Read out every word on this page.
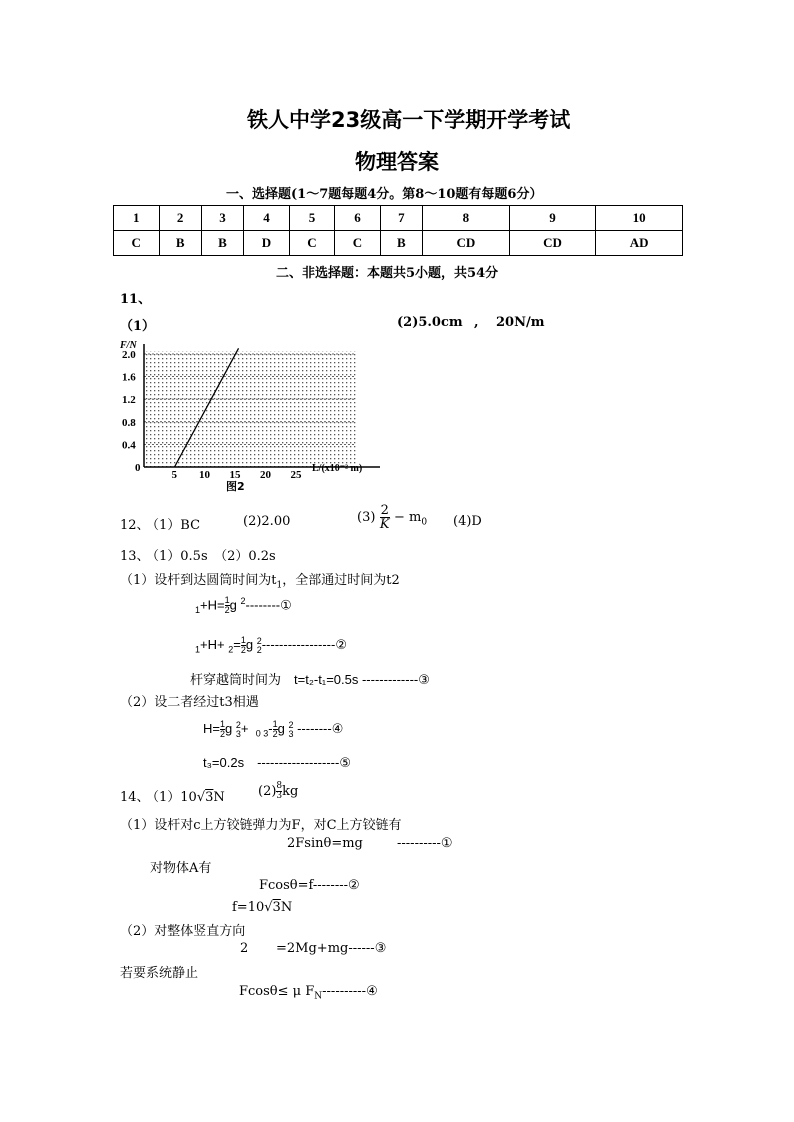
铁人中学23级高一下学期开学考试
物理答案
一、选择题(1～7题每题4分。第8～10题有每题6分）
1	2	3	4	5	6	7	8	9	10
C	B	B	D	C	C	B	CD	CD	AD
二、非选择题：本题共5小题，共54分
11、
（1）	(2)5.0cm , 20N/m
F/N
L/(x10⁻² m)
2.0
1.6
1.2
0.8
0.4
0
5 10 15 20 25
图2
12、
（1）BC	(2)2.00	$(3) \frac{2}{K} - m_0$ (4)D
13、
（1）0.5s　（2）0.2s
（1）设杆到达圆筒时间为$t_1$，全部通过时间为t2
$_1+H= \frac{1}{2}$ g $^2$--------①
$_1+H+ _2= \frac{1}{2}$ g 2
2 -----------------②
杆穿越筒时间为　t=t₂-t₁=0.5s -------------③
（2）设二者经过t3相遇
$H= \frac{1}{2}$ g 2
$3 + _{0 3}- \frac{1}{2}$ g 2
3 --------④
t₃=0.2s　-------------------⑤
14、
（1）10√3N	$(2) \frac{8}{3}$ kg
（1）设杆对c上方铰链弹力为F，对C上方铰链有
2Fsinθ=mg	----------①
对物体A有
Fcosθ=f--------②
f=10√3N
（2）对整体竖直方向
2 =2Mg+mg------③
若要系统静止
Fcosθ≤ μ $F_N----------④$
